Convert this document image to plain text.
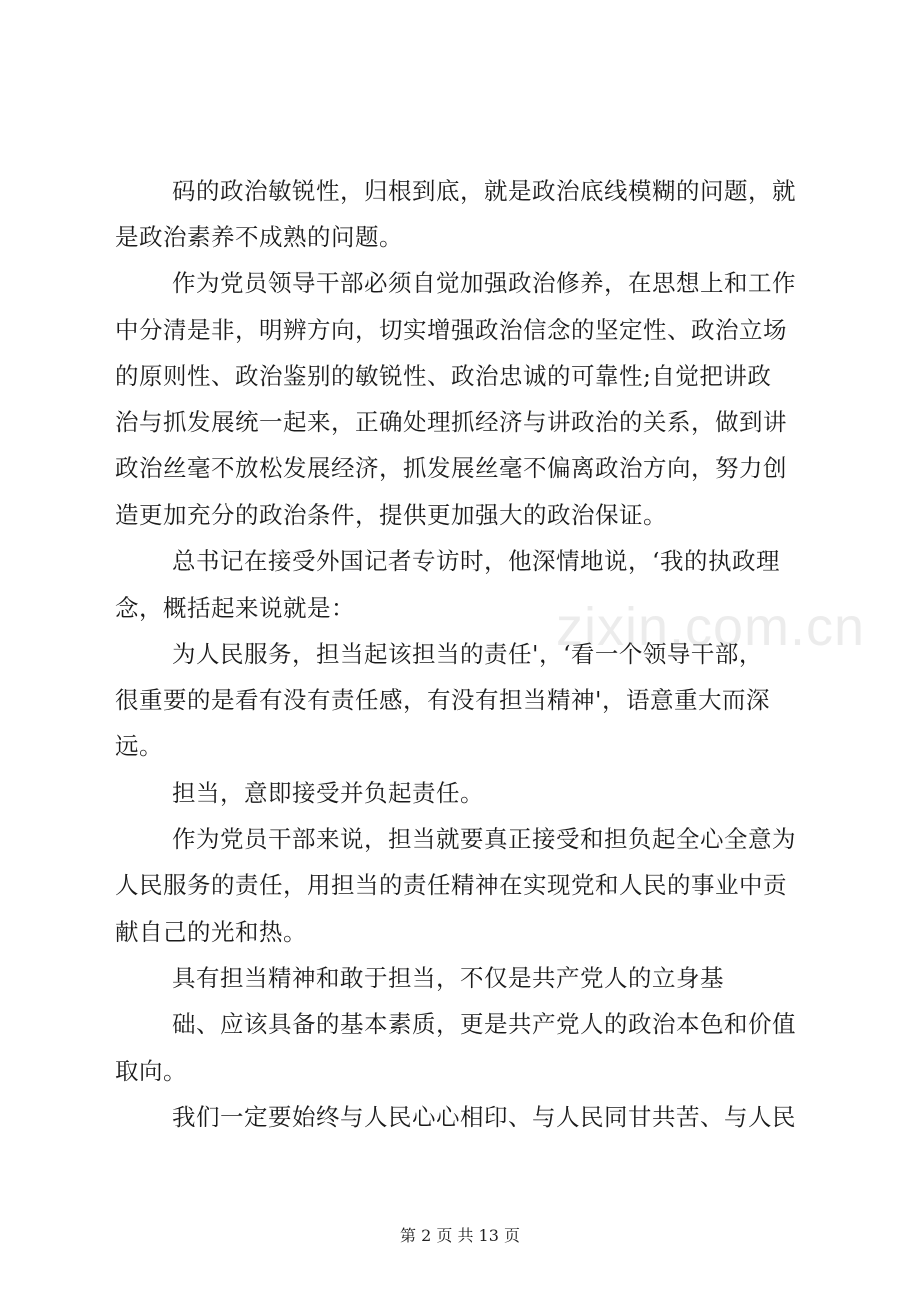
码的政治敏锐性，归根到底，就是政治底线模糊的问题，就
是政治素养不成熟的问题。
作为党员领导干部必须自觉加强政治修养，在思想上和工作
中分清是非，明辨方向，切实增强政治信念的坚定性、政治立场
的原则性、政治鉴别的敏锐性、政治忠诚的可靠性;自觉把讲政
治与抓发展统一起来，正确处理抓经济与讲政治的关系，做到讲
政治丝毫不放松发展经济，抓发展丝毫不偏离政治方向，努力创
造更加充分的政治条件，提供更加强大的政治保证。
总书记在接受外国记者专访时，他深情地说，‘我的执政理
念，概括起来说就是：
为人民服务，担当起该担当的责任'，‘看一个领导干部，
很重要的是看有没有责任感，有没有担当精神'，语意重大而深
远。
担当，意即接受并负起责任。
作为党员干部来说，担当就要真正接受和担负起全心全意为
人民服务的责任，用担当的责任精神在实现党和人民的事业中贡
献自己的光和热。
具有担当精神和敢于担当，不仅是共产党人的立身基
础、应该具备的基本素质，更是共产党人的政治本色和价值
取向。
我们一定要始终与人民心心相印、与人民同甘共苦、与人民
zixin.com.cn
第 2 页 共 13 页
